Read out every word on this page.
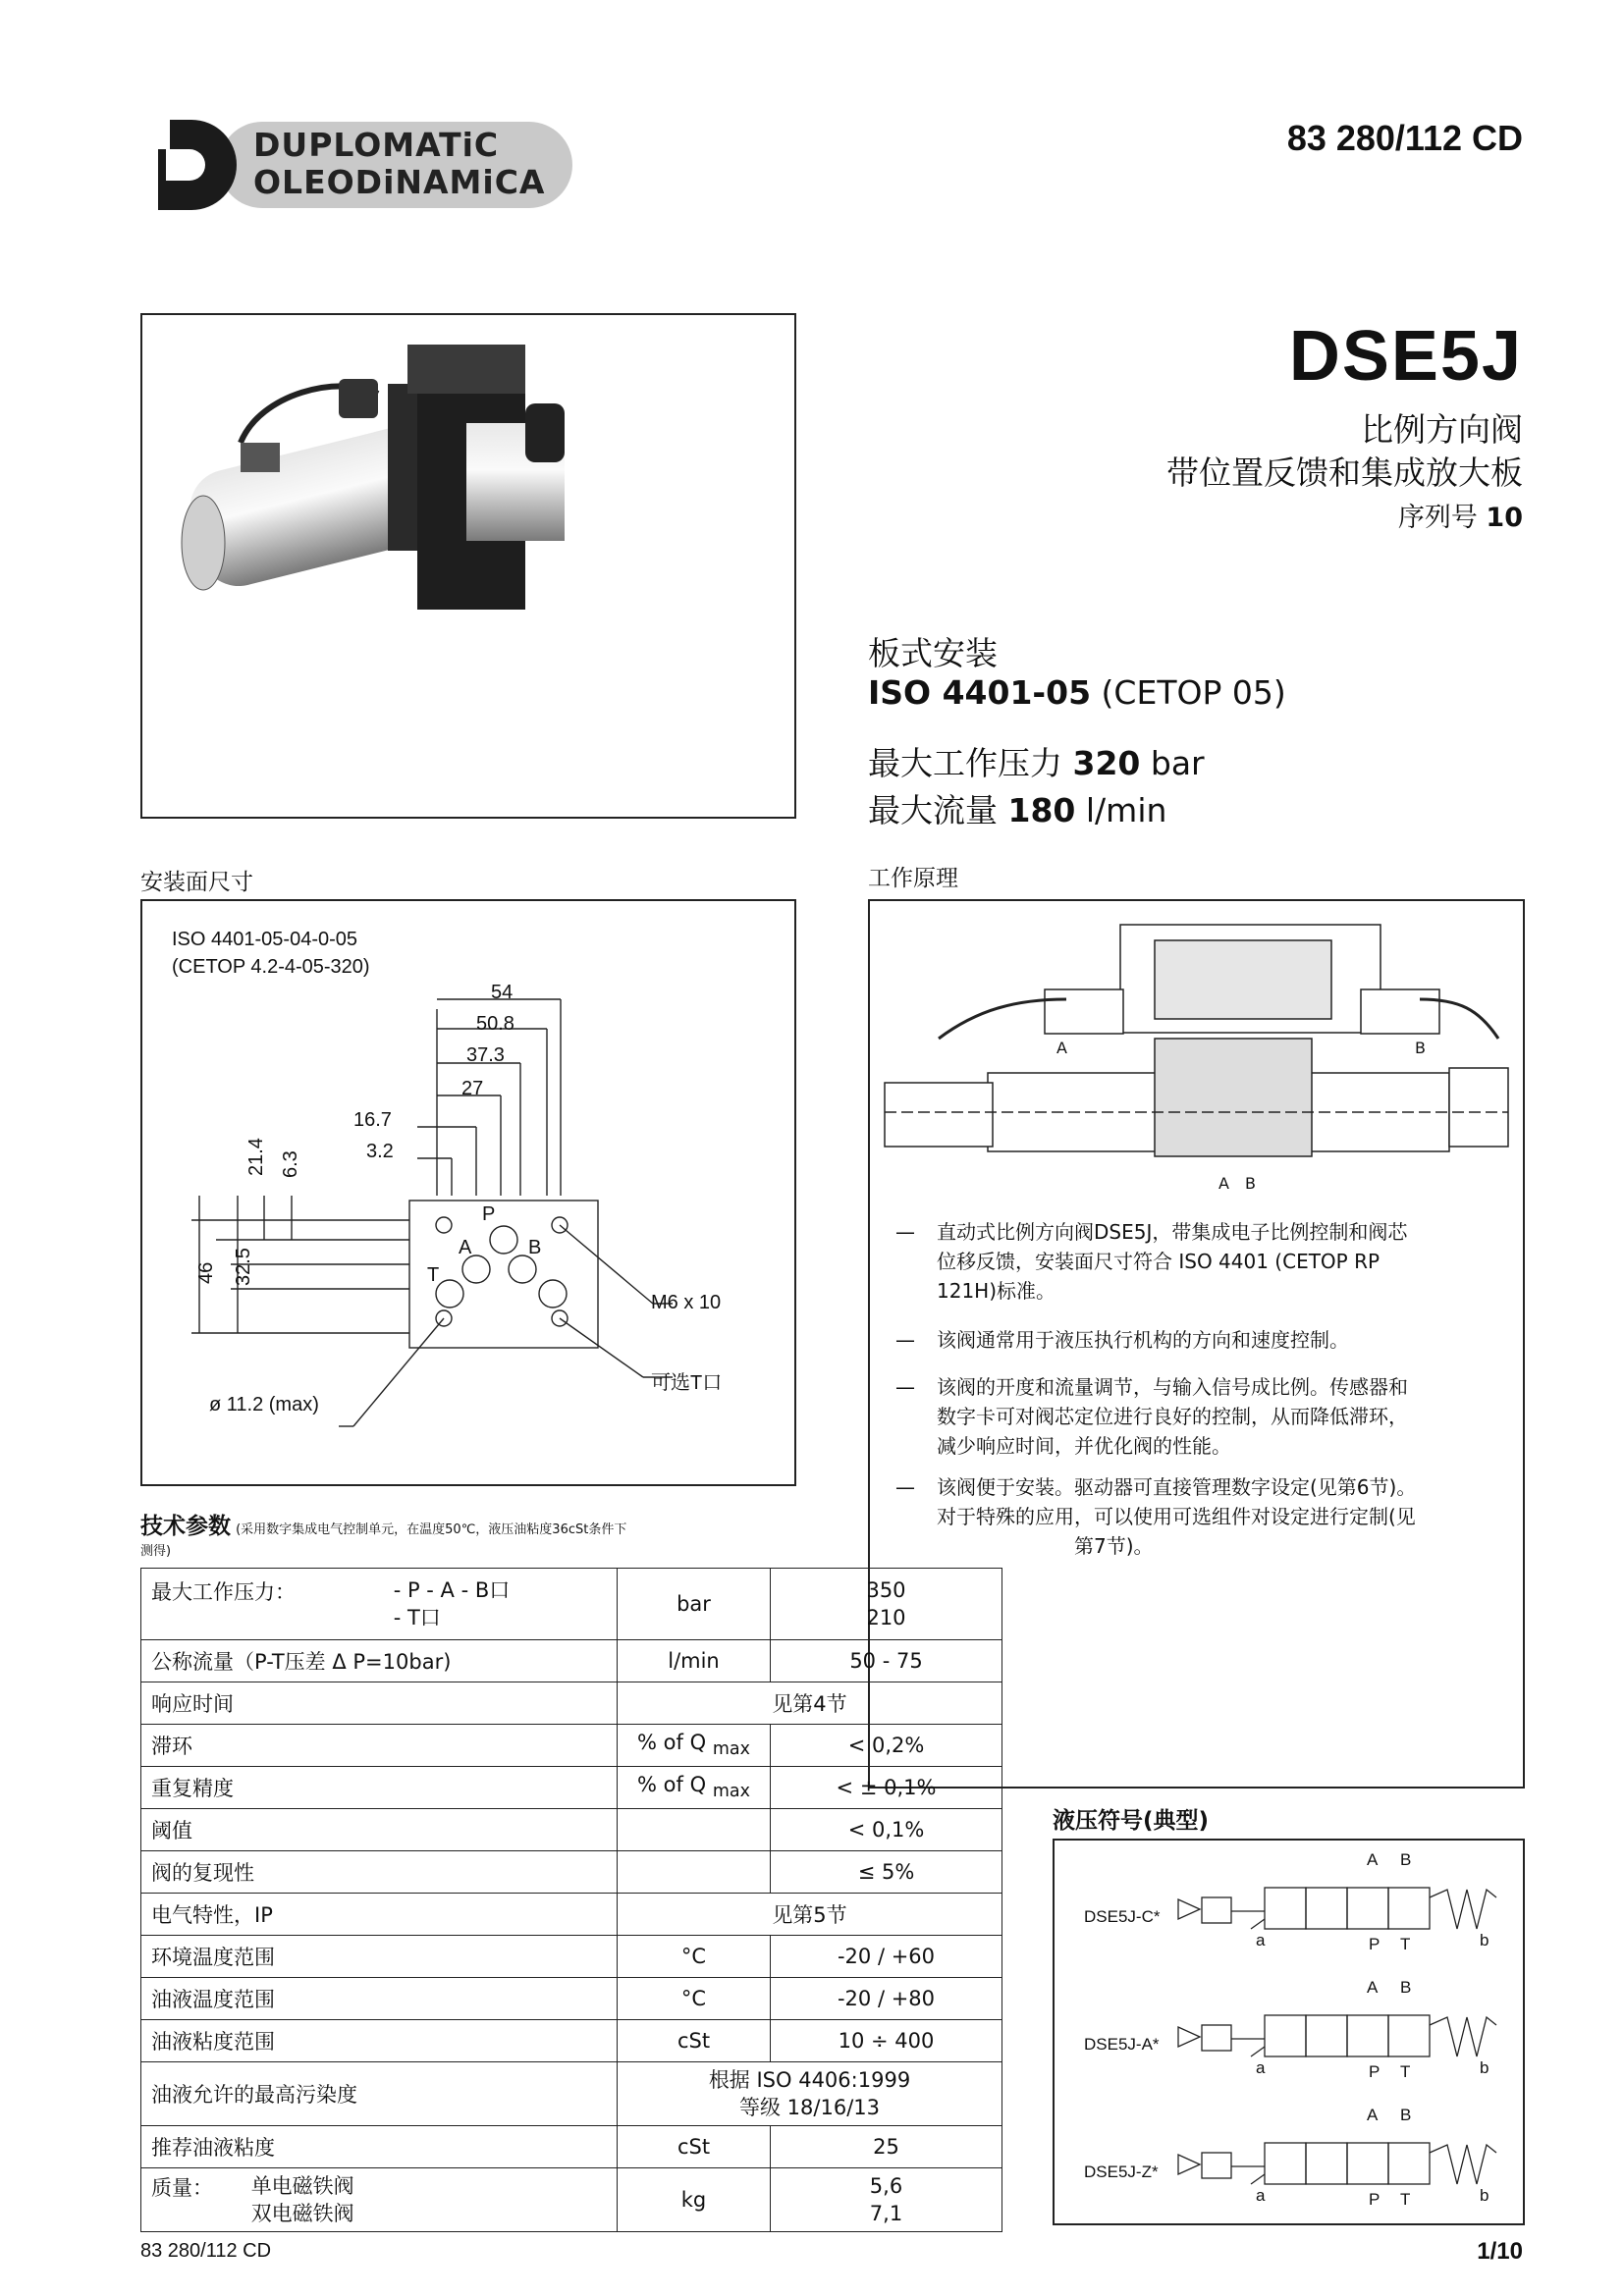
DUPLOMATiC
OLEODiNAMiCA
83 280/112 CD
DSE5J
比例方向阀
带位置反馈和集成放大板
序列号 10
板式安装
ISO 4401-05 (CETOP 05)
最大工作压力 320 bar
最大流量 180 l/min
安装面尺寸
ISO 4401-05-04-0-05
(CETOP 4.2-4-05-320)
54
50.8
37.3
27
16.7
3.2
21.4 6.3
46 32.5
P
A	B
T
M6 x 10
可选T口
ø 11.2 (max)
工作原理
A	B
A B
— 直动式比例方向阀DSE5J，带集成电子比例控制和阀芯
位移反馈，安装面尺寸符合 ISO 4401 (CETOP RP
121H)标准。
— 该阀通常用于液压执行机构的方向和速度控制。
— 该阀的开度和流量调节，与输入信号成比例。传感器和
数字卡可对阀芯定位进行良好的控制，从而降低滞环，
减少响应时间，并优化阀的性能。
— 该阀便于安装。驱动器可直接管理数字设定(见第6节)。
对于特殊的应用，可以使用可选组件对设定进行定制(见
第7节)。
技术参数 (采用数字集成电气控制单元，在温度50℃，液压油粘度36cSt条件下
测得)
最大工作压力： - P - A - B口
- T口	bar	350
210

公称流量（P-T压差 Δ P=10bar)	l/min	50 - 75
响应时间	见第4节	
滞环	% of Q $_{max}$	< 0,2%
重复精度	% of Q $_{max}$	< ± 0,1%
阈值		< 0,1%
阀的复现性		≤ 5%
电气特性，IP	见第5节	
环境温度范围	°C	-20 / +60
油液温度范围	°C	-20 / +80
油液粘度范围	cSt	10 ÷ 400
油液允许的最高污染度	根据 ISO 4406:1999
等级 18/16/13	

推荐油液粘度	cSt	25
质量： 单电磁铁阀
双电磁铁阀	kg	5,6
7,1
液压符号(典型)
DSE5J-C*
A B
P T
a	b
DSE5J-A*
A B
P T
a	b
DSE5J-Z*
A B
P T
a	b
83 280/112 CD	1/10
